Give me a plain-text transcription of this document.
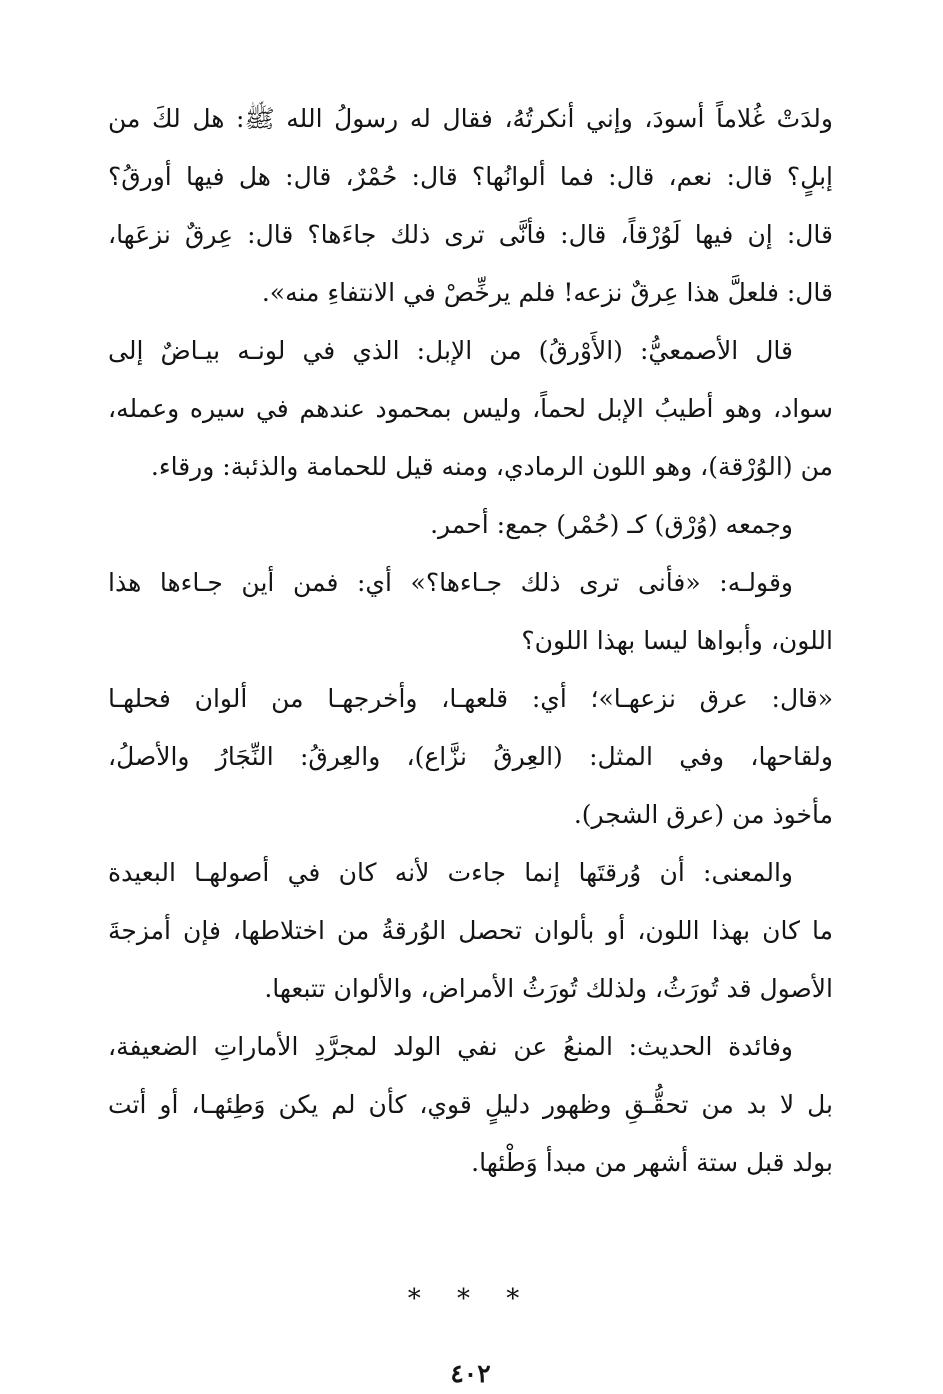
ولدَتْ غُلاماً أسودَ، وإني أنكرتُهُ، فقال له رسولُ الله ﷺ: هل لكَ من
إبلٍ؟ قال: نعم، قال: فما ألوانُها؟ قال: حُمْرٌ، قال: هل فيها أورقُ؟
قال: إن فيها لَوُرْقاً، قال: فأنَّى ترى ذلك جاءَها؟ قال: عِرقٌ نزعَها،
قال: فلعلَّ هذا عِرقٌ نزعه! فلم يرخِّصْ في الانتفاءِ منه».
قال الأصمعيُّ: (الأَوْرقُ) من الإبل: الذي في لونـه بيـاضٌ إلى
سواد، وهو أطيبُ الإبل لحماً، وليس بمحمود عندهم في سيره وعمله،
من (الوُرْقة)، وهو اللون الرمادي، ومنه قيل للحمامة والذئبة: ورقاء.
وجمعه (وُرْق) كـ (حُمْر) جمع: أحمر.
وقولـه: «فأنى ترى ذلك جـاءها؟» أي: فمن أين جـاءها هذا
اللون، وأبواها ليسا بهذا اللون؟
«قال: عرق نزعهـا»؛ أي: قلعهـا، وأخرجهـا من ألوان فحلهـا
ولقاحها، وفي المثل: (العِرقُ نزَّاع)، والعِرقُ: النِّجَارُ والأصلُ،
مأخوذ من (عرق الشجر).
والمعنى: أن وُرقتَها إنما جاءت لأنه كان في أصولهـا البعيدة
ما كان بهذا اللون، أو بألوان تحصل الوُرقةُ من اختلاطها، فإن أمزجةَ
الأصول قد تُورَثُ، ولذلك تُورَثُ الأمراض، والألوان تتبعها.
وفائدة الحديث: المنعُ عن نفي الولد لمجرَّدِ الأماراتِ الضعيفة،
بل لا بد من تحقُّـقِ وظهور دليلٍ قوي، كأن لم يكن وَطِئهـا، أو أتت
بولد قبل ستة أشهر من مبدأ وَطْئها.
* * *
٤٠٢
